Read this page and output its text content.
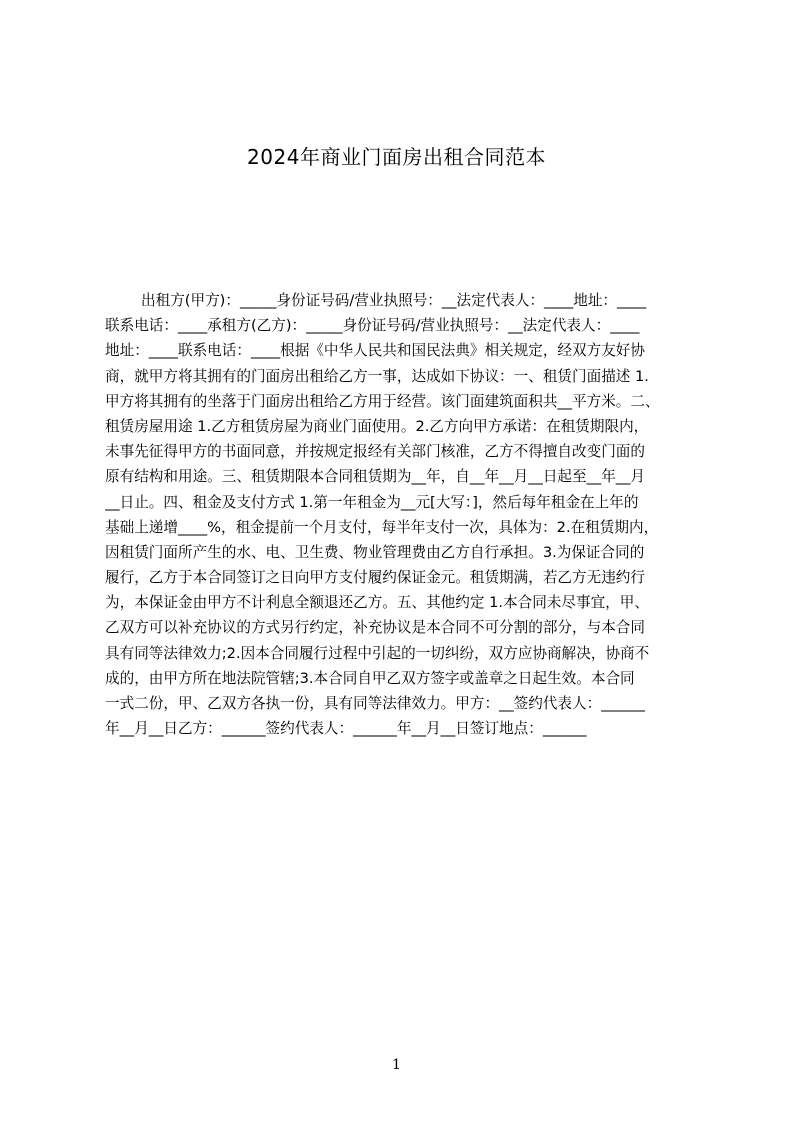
2024年商业门面房出租合同范本
出租方(甲方)：_____身份证号码/营业执照号：__法定代表人：____地址：____
联系电话：____承租方(乙方)：_____身份证号码/营业执照号：__法定代表人：____
地址：____联系电话：____根据《中华人民共和国民法典》相关规定，经双方友好协
商，就甲方将其拥有的门面房出租给乙方一事，达成如下协议：一、租赁门面描述 1.
甲方将其拥有的坐落于门面房出租给乙方用于经营。该门面建筑面积共__平方米。二、
租赁房屋用途 1.乙方租赁房屋为商业门面使用。2.乙方向甲方承诺：在租赁期限内，
未事先征得甲方的书面同意，并按规定报经有关部门核准，乙方不得擅自改变门面的
原有结构和用途。三、租赁期限本合同租赁期为__年，自__年__月__日起至__年__月
__日止。四、租金及支付方式 1.第一年租金为__元[大写：]，然后每年租金在上年的
基础上递增____%，租金提前一个月支付，每半年支付一次，具体为：2.在租赁期内，
因租赁门面所产生的水、电、卫生费、物业管理费由乙方自行承担。3.为保证合同的
履行，乙方于本合同签订之日向甲方支付履约保证金元。租赁期满，若乙方无违约行
为，本保证金由甲方不计利息全额退还乙方。五、其他约定 1.本合同未尽事宜，甲、
乙双方可以补充协议的方式另行约定，补充协议是本合同不可分割的部分，与本合同
具有同等法律效力;2.因本合同履行过程中引起的一切纠纷，双方应协商解决，协商不
成的，由甲方所在地法院管辖;3.本合同自甲乙双方签字或盖章之日起生效。本合同
一式二份，甲、乙双方各执一份，具有同等法律效力。甲方：__签约代表人：______
年__月__日乙方：______签约代表人：______年__月__日签订地点：______
1
